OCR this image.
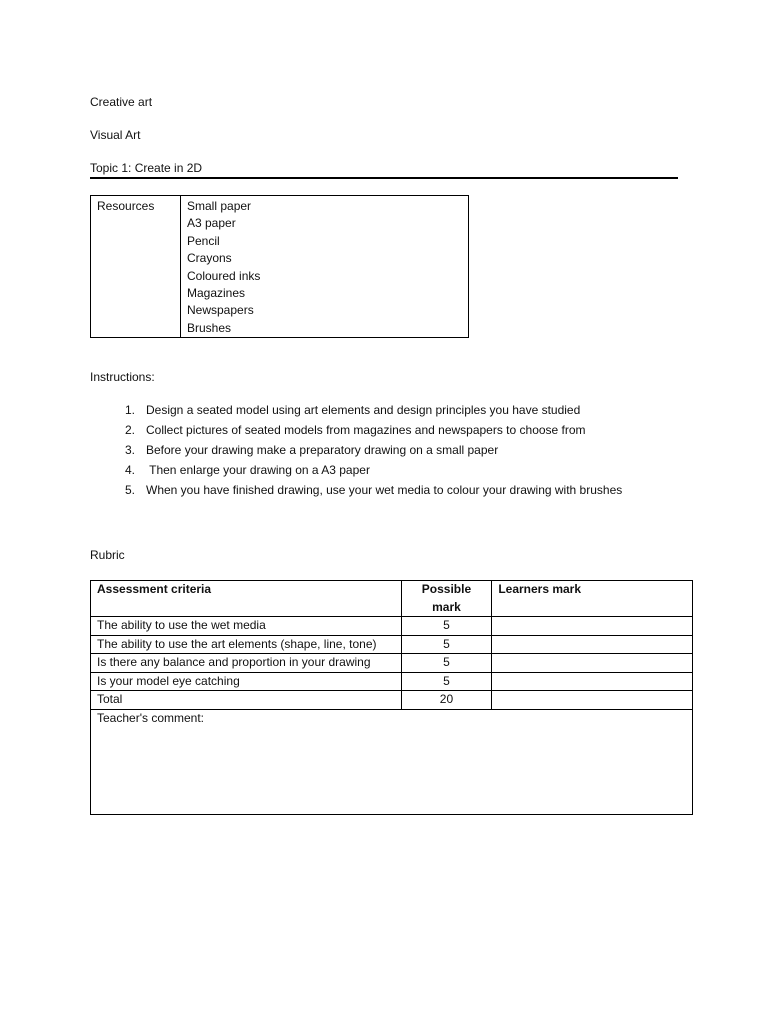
Creative art
Visual Art
Topic 1: Create in 2D
Resources	Small paper
A3 paper
Pencil
Crayons
Coloured inks
Magazines
Newspapers
Brushes
Instructions:
1. Design a seated model using art elements and design principles you have studied
2. Collect pictures of seated models from magazines and newspapers to choose from
3. Before your drawing make a preparatory drawing on a small paper
4. Then enlarge your drawing on a A3 paper
5. When you have finished drawing, use your wet media to colour your drawing with brushes
Rubric
Assessment criteria	Possible mark	Learners mark
The ability to use the wet media	5	
The ability to use the art elements (shape, line, tone)	5	
Is there any balance and proportion in your drawing	5	
Is your model eye catching	5	
Total	20	
Teacher's comment:		
